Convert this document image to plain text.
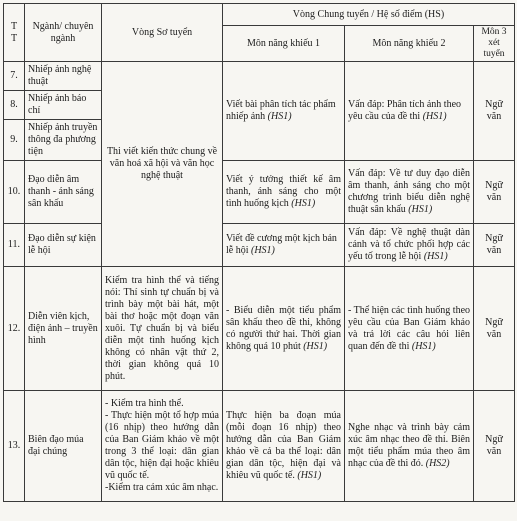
T T	Ngành/ chuyên ngành	Vòng Sơ tuyển	Vòng Chung tuyển / Hệ số điểm (HS)		
			Môn năng khiếu 1	Môn năng khiếu 2	Môn 3 xét tuyển
7.	Nhiếp ảnh nghệ thuật	Thi viết kiến thức chung về văn hoá xã hội và văn học nghệ thuật	Viết bài phân tích tác phẩm nhiếp ảnh (HS1)	Vấn đáp: Phân tích ảnh theo yêu cầu của đề thi (HS1)	Ngữ văn
8.	Nhiếp ảnh báo chí				
9.	Nhiếp ảnh truyền thông đa phương tiện				
10.	Đạo diễn âm thanh - ánh sáng sân khấu		Viết ý tưởng thiết kế âm thanh, ánh sáng cho một tình huống kịch (HS1)	Vấn đáp: Về tư duy đạo diễn âm thanh, ánh sáng cho một chương trình biểu diễn nghệ thuật sân khấu (HS1)	Ngữ văn
11.	Đạo diễn sự kiện lễ hội		Viết đề cương một kịch bản lễ hội (HS1)	Vấn đáp: Về nghệ thuật dàn cảnh và tổ chức phối hợp các yếu tố trong lễ hội (HS1)	Ngữ văn
12.	Diễn viên kịch, điện ảnh – truyền hình	Kiểm tra hình thể và tiếng nói: Thí sinh tự chuẩn bị và trình bày một bài hát, một bài thơ hoặc một đoạn văn xuôi. Tự chuẩn bị và biểu diễn một tình huống kịch không có nhân vật thứ 2, thời gian không quá 10 phút.	- Biểu diễn một tiểu phẩm sân khấu theo đề thi, không có người thứ hai. Thời gian không quá 10 phút (HS1)	- Thể hiện các tình huống theo yêu cầu của Ban Giám khảo và trả lời các câu hỏi liên quan đến đề thi (HS1)	Ngữ văn
13.	Biên đạo múa đại chúng	- Kiểm tra hình thể.
- Thực hiện một tổ hợp múa (16 nhịp) theo hướng dẫn của Ban Giám khảo về một trong 3 thể loại: dân gian dân tộc, hiện đại hoặc khiêu vũ quốc tế.
-Kiểm tra cảm xúc âm nhạc.	Thực hiện ba đoạn múa (mỗi đoạn 16 nhịp) theo hướng dẫn của Ban Giám khảo về cả ba thể loại: dân gian dân tộc, hiện đại và khiêu vũ quốc tế. (HS1)	Nghe nhạc và trình bày cảm xúc âm nhạc theo đề thi. Biên một tiểu phẩm múa theo âm nhạc của đề thi đó. (HS2)	Ngữ văn
